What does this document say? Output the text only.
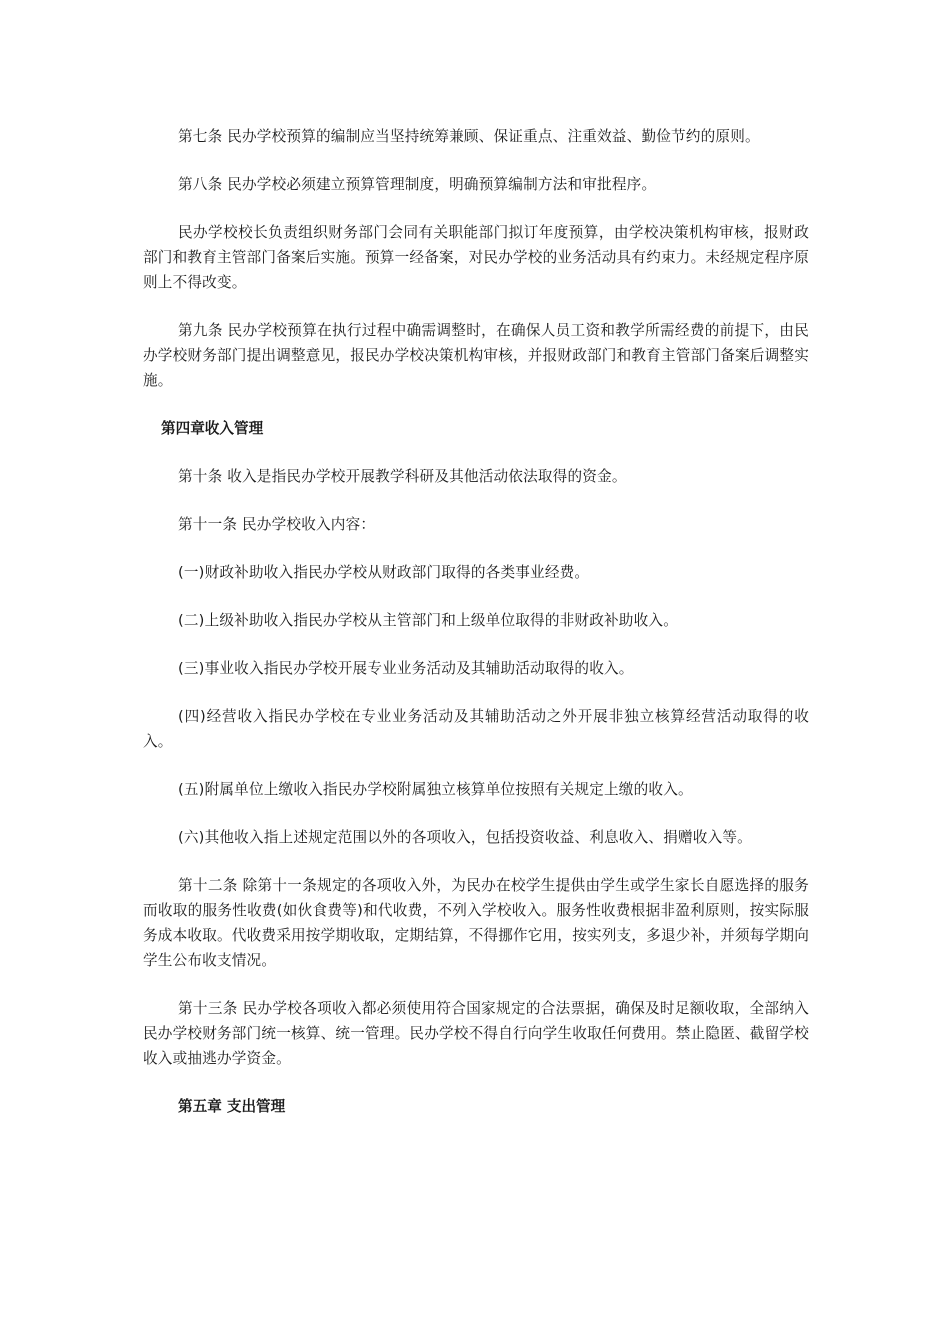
第七条 民办学校预算的编制应当坚持统筹兼顾、保证重点、注重效益、勤俭节约的原则。

第八条 民办学校必须建立预算管理制度，明确预算编制方法和审批程序。

民办学校校长负责组织财务部门会同有关职能部门拟订年度预算，由学校决策机构审核，报财政部门和教育主管部门备案后实施。预算一经备案，对民办学校的业务活动具有约束力。未经规定程序原则上不得改变。

第九条 民办学校预算在执行过程中确需调整时，在确保人员工资和教学所需经费的前提下，由民办学校财务部门提出调整意见，报民办学校决策机构审核，并报财政部门和教育主管部门备案后调整实施。

第四章收入管理

第十条 收入是指民办学校开展教学科研及其他活动依法取得的资金。

第十一条 民办学校收入内容：

(一)财政补助收入指民办学校从财政部门取得的各类事业经费。

(二)上级补助收入指民办学校从主管部门和上级单位取得的非财政补助收入。

(三)事业收入指民办学校开展专业业务活动及其辅助活动取得的收入。

(四)经营收入指民办学校在专业业务活动及其辅助活动之外开展非独立核算经营活动取得的收入。

(五)附属单位上缴收入指民办学校附属独立核算单位按照有关规定上缴的收入。

(六)其他收入指上述规定范围以外的各项收入，包括投资收益、利息收入、捐赠收入等。

第十二条 除第十一条规定的各项收入外，为民办在校学生提供由学生或学生家长自愿选择的服务而收取的服务性收费(如伙食费等)和代收费，不列入学校收入。服务性收费根据非盈利原则，按实际服务成本收取。代收费采用按学期收取，定期结算，不得挪作它用，按实列支，多退少补，并须每学期向学生公布收支情况。

第十三条 民办学校各项收入都必须使用符合国家规定的合法票据，确保及时足额收取，全部纳入民办学校财务部门统一核算、统一管理。民办学校不得自行向学生收取任何费用。禁止隐匿、截留学校收入或抽逃办学资金。

第五章 支出管理
